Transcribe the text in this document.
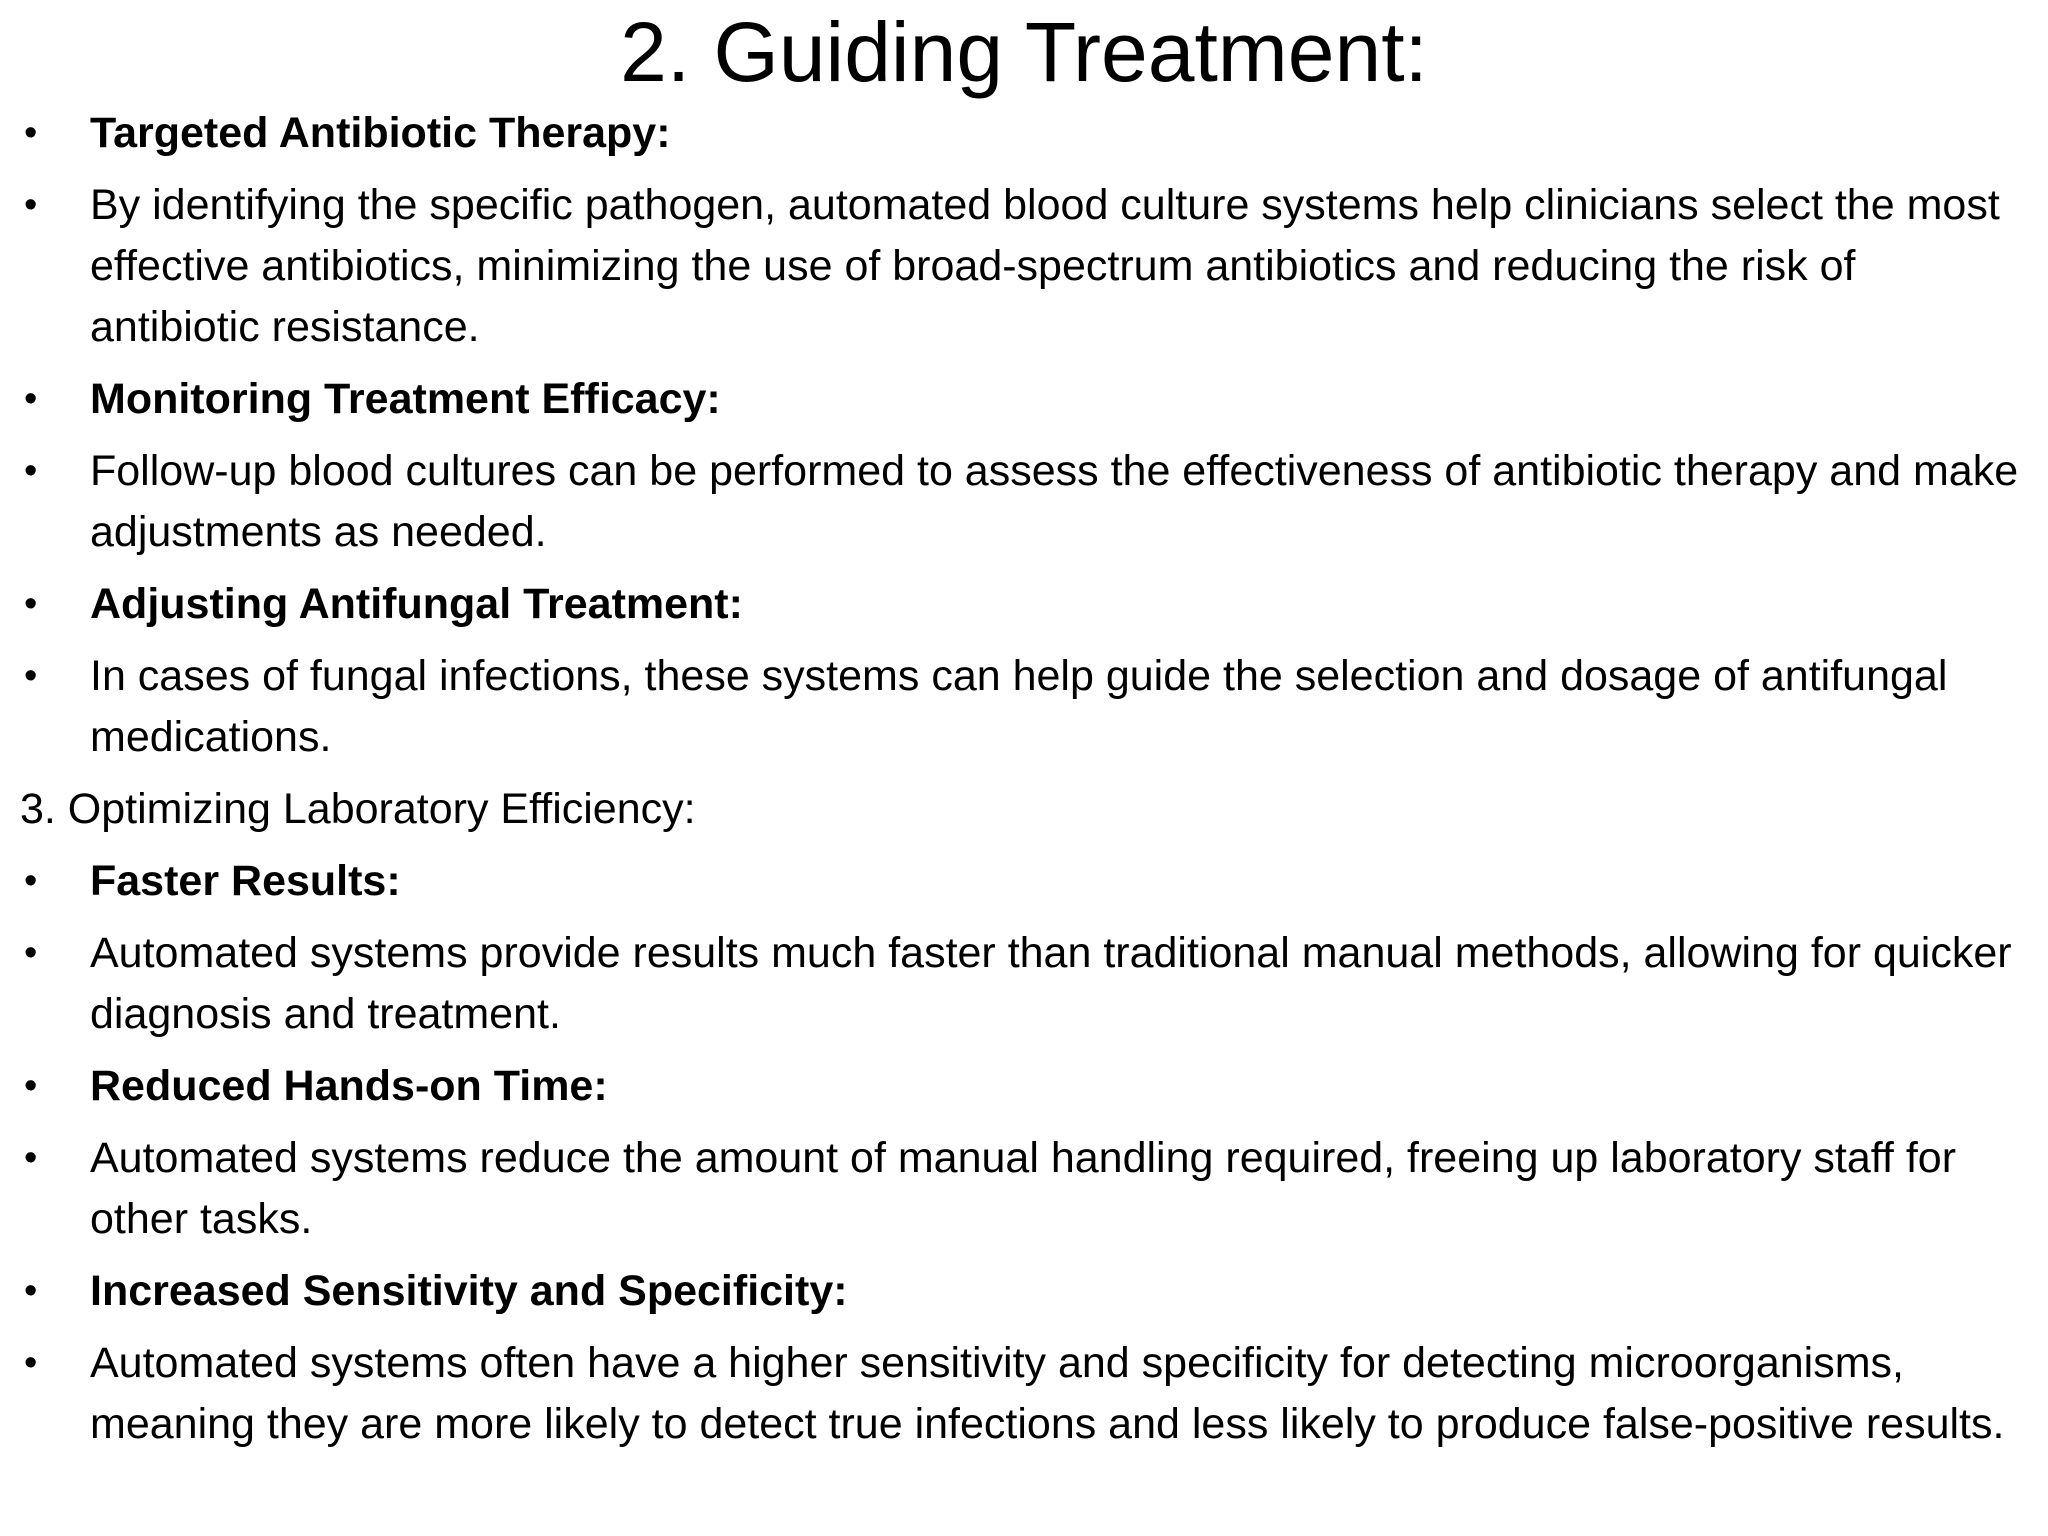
2. Guiding Treatment:
•	Targeted Antibiotic Therapy:
•	By identifying the specific pathogen, automated blood culture systems help clinicians select the most effective antibiotics, minimizing the use of broad-spectrum antibiotics and reducing the risk of antibiotic resistance.
•	Monitoring Treatment Efficacy:
•	Follow-up blood cultures can be performed to assess the effectiveness of antibiotic therapy and make adjustments as needed.
•	Adjusting Antifungal Treatment:
•	In cases of fungal infections, these systems can help guide the selection and dosage of antifungal medications.
3. Optimizing Laboratory Efficiency:
•	Faster Results:
•	Automated systems provide results much faster than traditional manual methods, allowing for quicker diagnosis and treatment.
•	Reduced Hands-on Time:
•	Automated systems reduce the amount of manual handling required, freeing up laboratory staff for other tasks.
•	Increased Sensitivity and Specificity:
•	Automated systems often have a higher sensitivity and specificity for detecting microorganisms, meaning they are more likely to detect true infections and less likely to produce false-positive results.
